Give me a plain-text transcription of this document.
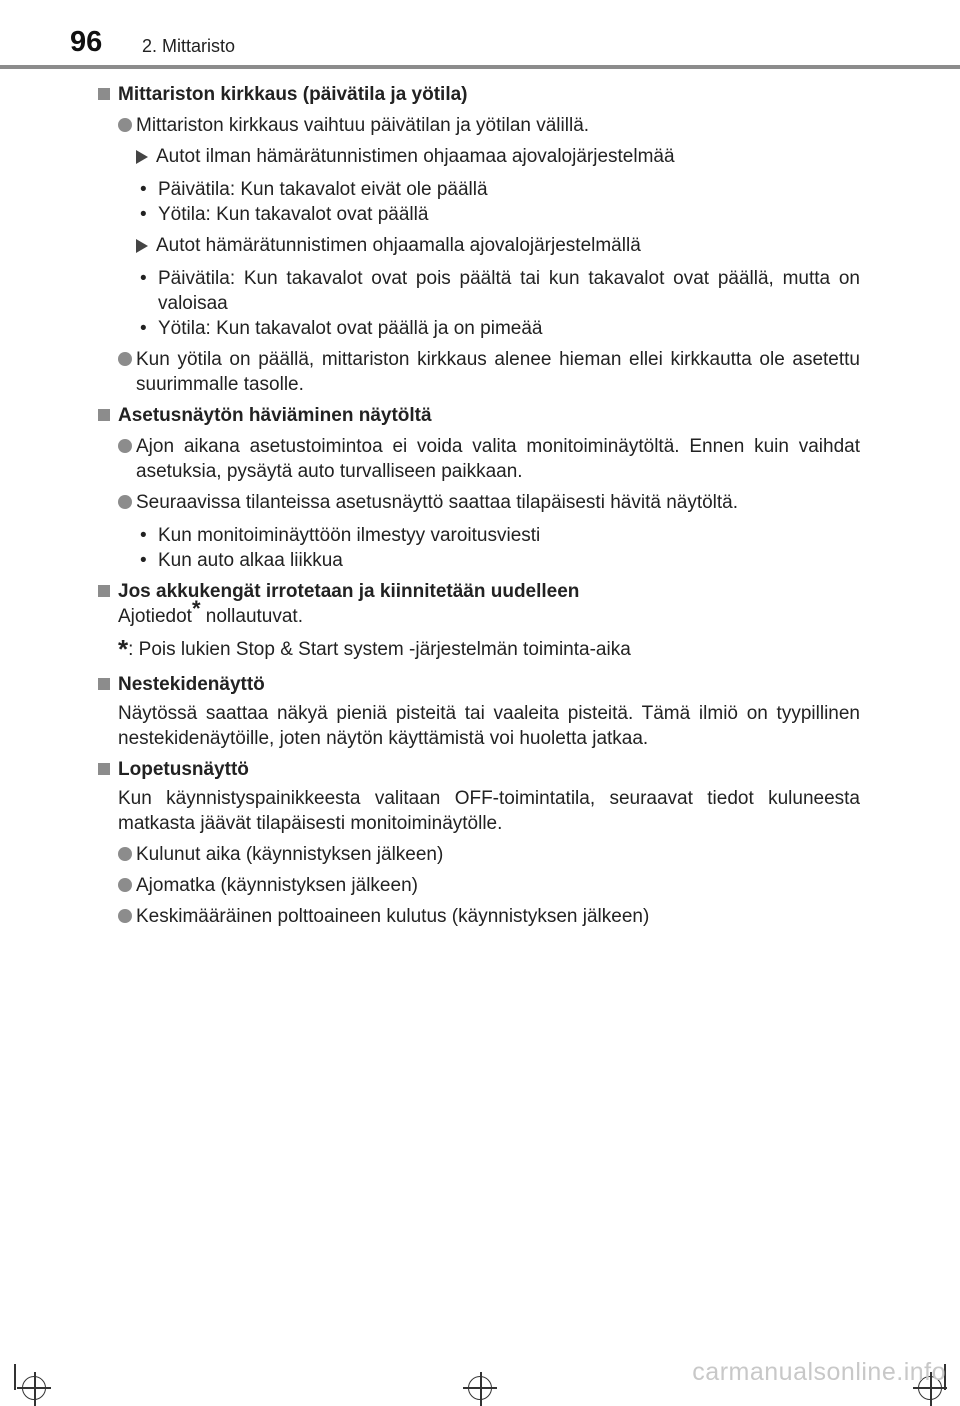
96 2. Mittaristo
Mittariston kirkkaus (päivätila ja yötila)
Mittariston kirkkaus vaihtuu päivätilan ja yötilan välillä.
Autot ilman hämärätunnistimen ohjaamaa ajovalojärjestelmää
• Päivätila: Kun takavalot eivät ole päällä
• Yötila: Kun takavalot ovat päällä
Autot hämärätunnistimen ohjaamalla ajovalojärjestelmällä
• Päivätila: Kun takavalot ovat pois päältä tai kun takavalot ovat päällä, mutta on valoisaa
• Yötila: Kun takavalot ovat päällä ja on pimeää
Kun yötila on päällä, mittariston kirkkaus alenee hieman ellei kirkkautta ole asetettu suurimmalle tasolle.
Asetusnäytön häviäminen näytöltä
Ajon aikana asetustoimintoa ei voida valita monitoiminäytöltä. Ennen kuin vaihdat asetuksia, pysäytä auto turvalliseen paikkaan.
Seuraavissa tilanteissa asetusnäyttö saattaa tilapäisesti hävitä näytöltä.
• Kun monitoiminäyttöön ilmestyy varoitusviesti
• Kun auto alkaa liikkua
Jos akkukengät irrotetaan ja kiinnitetään uudelleen
Ajotiedot* nollautuvat.
*: Pois lukien Stop & Start system -järjestelmän toiminta-aika
Nestekidenäyttö
Näytössä saattaa näkyä pieniä pisteitä tai vaaleita pisteitä. Tämä ilmiö on tyypillinen nestekidenäytöille, joten näytön käyttämistä voi huoletta jatkaa.
Lopetusnäyttö
Kun käynnistyspainikkeesta valitaan OFF-toimintatila, seuraavat tiedot kuluneesta matkasta jäävät tilapäisesti monitoiminäytölle.
Kulunut aika (käynnistyksen jälkeen)
Ajomatka (käynnistyksen jälkeen)
Keskimääräinen polttoaineen kulutus (käynnistyksen jälkeen)
carmanualsonline.info
